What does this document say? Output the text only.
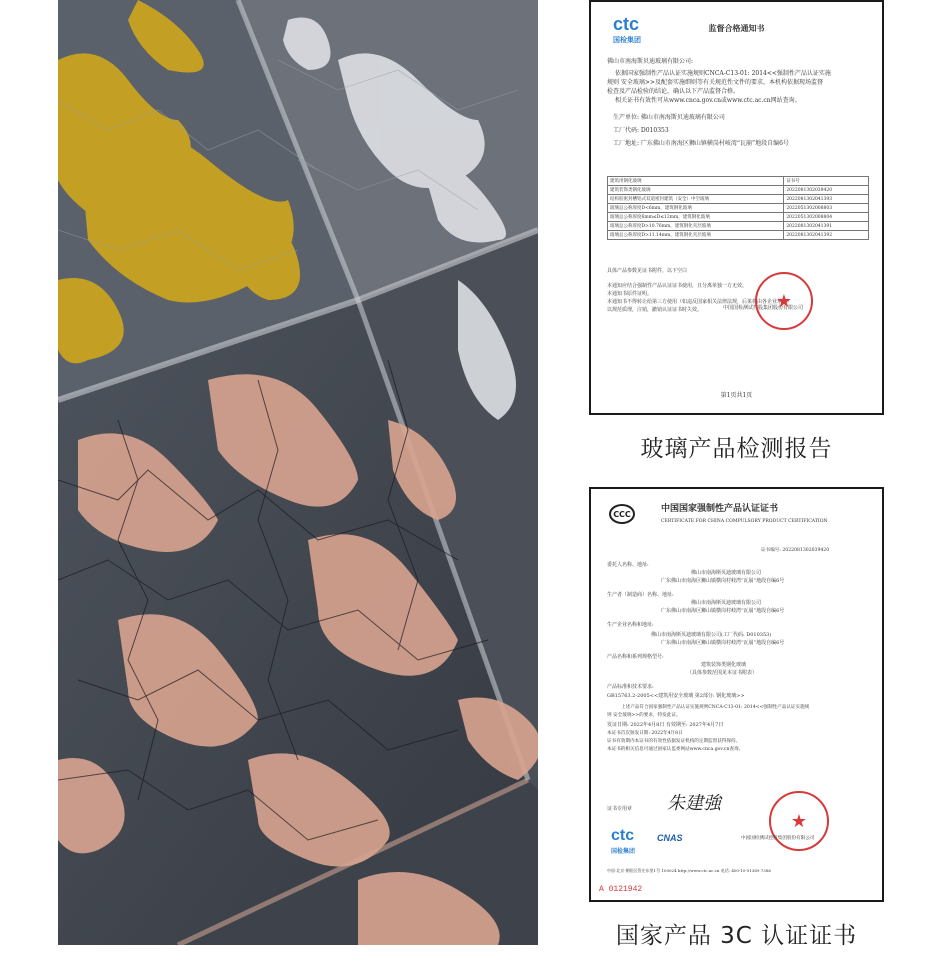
ctc
国检集团
监督合格通知书
佛山市南海斯贝迪玻璃有限公司:
依据国家强制性产品认证实施规则CNCA-C13-01: 2014<<强制性产品认证实施
规则 安全玻璃>>及配套实施细则等有关规范性文件的要求，本机构依据现场监督
检查及产品检验的结论，确认以下产品监督合格。
相关证书有效性可从www.cnca.gov.cn或www.ctc.ac.cn网站查询。
生产单位: 佛山市南海斯贝迪玻璃有限公司
工厂代码: D010353
工厂地址: 广东佛山市南海区狮山镇横岗村岐湾“瓦崩”地段自编6号
建筑用钢化玻璃	证书号
建筑装饰类钢化玻璃	2022081302039420
结构胶密封槽铝式双道密封建筑（安全）中空玻璃	2022081302041393
玻璃总公称厚度D<6mm，建筑钢化玻璃	2022051302008803
玻璃总公称厚度6mm≤D≤12mm，建筑钢化玻璃	2022051302008804
玻璃总公称厚度D>10.76mm，建筑钢化夹层玻璃	2022081302041391
玻璃总公称厚度D>11.14mm，建筑钢化夹层玻璃	2022081302041392
具体产品参数见证书附件，以下空白
本通知应结合强制性产品认证证书使用，且分离单独一方无效。
本通知书原件证明。
本通知书不得转让给第三方使用（如违反国家相关法律法规，后果将由各企业承担）
以规范质理，注销，撤销认证证书时失效。	中国国检测试控股集团股份有限公司
★
第1页共1页
玻璃产品检测报告
CCC	中国国家强制性产品认证证书
CERTIFICATE FOR CHINA COMPULSORY PRODUCT CERTIFICATION
证书编号: 2022081302039420
委托人名称、地址:
佛山市南海斯贝迪玻璃有限公司
广东佛山市南海区狮山镇横岗村岐湾“瓦崩”地段自编6号
生产者（制造商）名称、地址:
佛山市南海斯贝迪玻璃有限公司
广东佛山市南海区狮山镇横岗村岐湾“瓦崩”地段自编6号
生产企业名称和地址:
佛山市南海斯贝迪玻璃有限公司(工厂代码: D010353)
广东佛山市南海区狮山镇横岗村岐湾“瓦崩”地段自编6号
产品名称和系列规格型号:
建筑装饰类钢化玻璃
（具体参数范围见本证书附表）
产品标准和技术要求:
GB15763.2-2005<<建筑用安全玻璃 第2部分: 钢化玻璃>>
上述产品符合国家强制性产品认证实施规则CNCA-C13-01: 2014<<强制性产品认证实施规
则 安全玻璃>>的要求，特发此证。
发证日期: 2022年4月8日 有效期至: 2027年4月7日
本证书首次颁发日期: 2022年4月8日
证书有效期内本证书的有效性依据发证机构的定期监督获得保持。
本证书的相关信息可通过国家认监委网站www.cnca.gov.cn查询。
证书专用章 朱建強
★
中国国检测试控股集团股份有限公司
ctc
国检集团
CNAS
中国·北京·朝阳区管庄东里1号 100024 http://www.ctc.ac.cn 电话: 400-10-51369 7386
A 0121942
国家产品 3C 认证证书
